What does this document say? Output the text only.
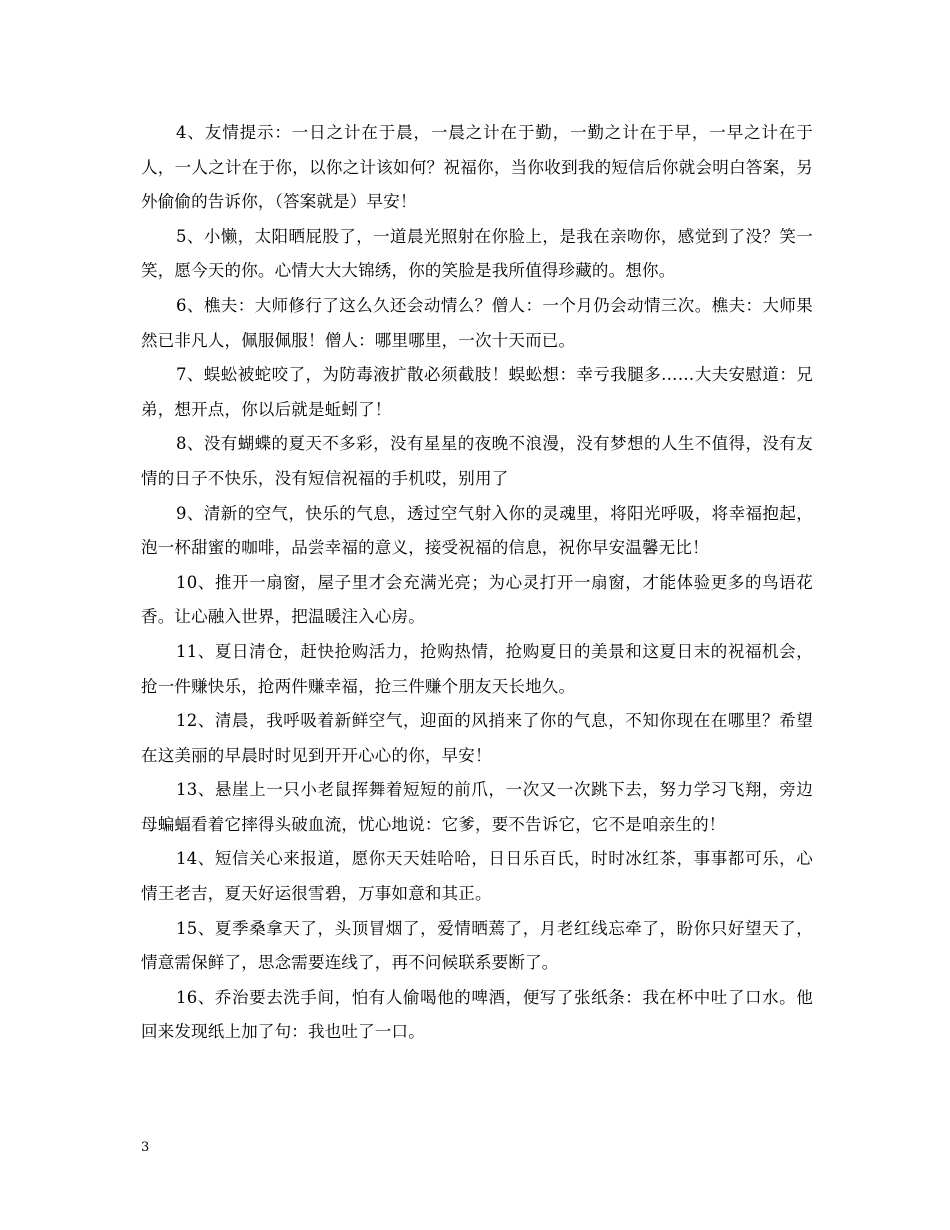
4、友情提示：一日之计在于晨，一晨之计在于勤，一勤之计在于早，一早之计在于人，一人之计在于你，以你之计该如何？祝福你，当你收到我的短信后你就会明白答案，另外偷偷的告诉你，（答案就是）早安！

5、小懒，太阳晒屁股了，一道晨光照射在你脸上，是我在亲吻你，感觉到了没？笑一笑，愿今天的你。心情大大大锦绣，你的笑脸是我所值得珍藏的。想你。

6、樵夫：大师修行了这么久还会动情么？僧人：一个月仍会动情三次。樵夫：大师果然已非凡人，佩服佩服！僧人：哪里哪里，一次十天而已。

7、蜈蚣被蛇咬了，为防毒液扩散必须截肢！蜈蚣想：幸亏我腿多……大夫安慰道：兄弟，想开点，你以后就是蚯蚓了！

8、没有蝴蝶的夏天不多彩，没有星星的夜晚不浪漫，没有梦想的人生不值得，没有友情的日子不快乐，没有短信祝福的手机哎，别用了

9、清新的空气，快乐的气息，透过空气射入你的灵魂里，将阳光呼吸，将幸福抱起，泡一杯甜蜜的咖啡，品尝幸福的意义，接受祝福的信息，祝你早安温馨无比！

10、推开一扇窗，屋子里才会充满光亮；为心灵打开一扇窗，才能体验更多的鸟语花香。让心融入世界，把温暖注入心房。

11、夏日清仓，赶快抢购活力，抢购热情，抢购夏日的美景和这夏日末的祝福机会，抢一件赚快乐，抢两件赚幸福，抢三件赚个朋友天长地久。

12、清晨，我呼吸着新鲜空气，迎面的风捎来了你的气息，不知你现在在哪里？希望在这美丽的早晨时时见到开开心心的你，早安！

13、悬崖上一只小老鼠挥舞着短短的前爪，一次又一次跳下去，努力学习飞翔，旁边母蝙蝠看着它摔得头破血流，忧心地说：它爹，要不告诉它，它不是咱亲生的！

14、短信关心来报道，愿你天天娃哈哈，日日乐百氏，时时冰红茶，事事都可乐，心情王老吉，夏天好运很雪碧，万事如意和其正。

15、夏季桑拿天了，头顶冒烟了，爱情晒蔫了，月老红线忘牵了，盼你只好望天了，情意需保鲜了，思念需要连线了，再不问候联系要断了。

16、乔治要去洗手间，怕有人偷喝他的啤酒，便写了张纸条：我在杯中吐了口水。他回来发现纸上加了句：我也吐了一口。

3
